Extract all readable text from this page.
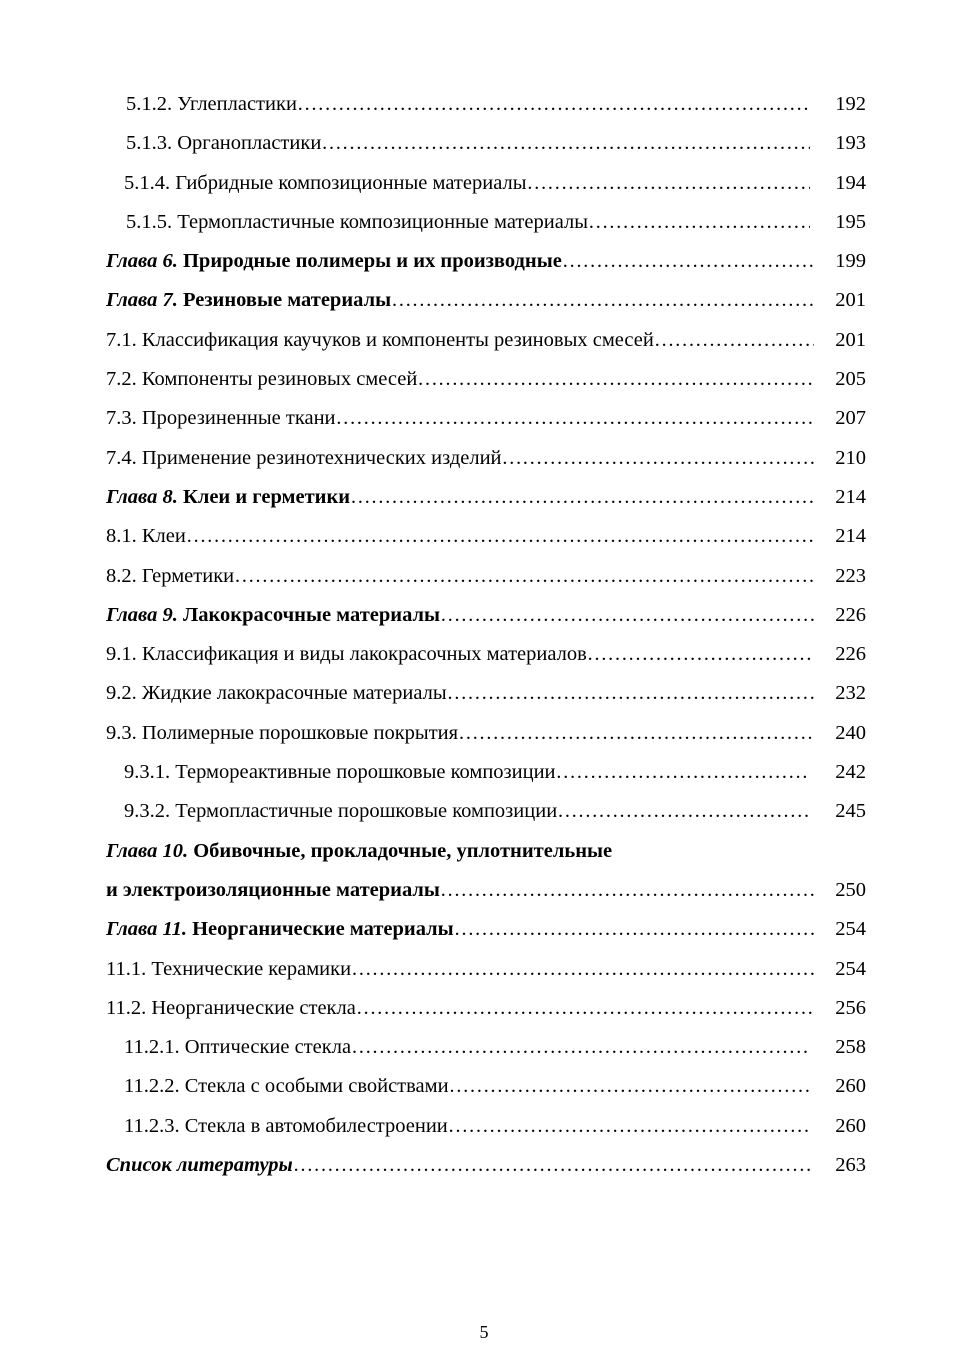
5.1.2. Углепластики ………………………………………………………………………………………………………………………………………………	192
5.1.3. Органопластики ………………………………………………………………………………………………………………………………………………	193
5.1.4. Гибридные композиционные материалы ………………………………………………………………………………………………………………………………………………	194
5.1.5. Термопластичные композиционные материалы ………………………………………………………………………………………………………………………………………………	195
Глава 6. Природные полимеры и их производные ………………………………………………………………………………………………………………………………………………	199
Глава 7. Резиновые материалы ………………………………………………………………………………………………………………………………………………	201
7.1. Классификация каучуков и компоненты резиновых смесей ………………………………………………………………………………………………………………………………………………	201
7.2. Компоненты резиновых смесей ………………………………………………………………………………………………………………………………………………	205
7.3. Прорезиненные ткани ………………………………………………………………………………………………………………………………………………	207
7.4. Применение резинотехнических изделий ………………………………………………………………………………………………………………………………………………	210
Глава 8. Клеи и герметики ………………………………………………………………………………………………………………………………………………	214
8.1. Клеи ………………………………………………………………………………………………………………………………………………	214
8.2. Герметики ………………………………………………………………………………………………………………………………………………	223
Глава 9. Лакокрасочные материалы ………………………………………………………………………………………………………………………………………………	226
9.1. Классификация и виды лакокрасочных материалов ………………………………………………………………………………………………………………………………………………	226
9.2. Жидкие лакокрасочные материалы ………………………………………………………………………………………………………………………………………………	232
9.3. Полимерные порошковые покрытия ………………………………………………………………………………………………………………………………………………	240
9.3.1. Термореактивные порошковые композиции ………………………………………………………………………………………………………………………………………………	242
9.3.2. Термопластичные порошковые композиции ………………………………………………………………………………………………………………………………………………	245
Глава 10. Обивочные, прокладочные, уплотнительные
и электроизоляционные материалы ………………………………………………………………………………………………………………………………………………	250
Глава 11. Неорганические материалы ………………………………………………………………………………………………………………………………………………	254
11.1. Технические керамики ………………………………………………………………………………………………………………………………………………	254
11.2. Неорганические стекла ………………………………………………………………………………………………………………………………………………	256
11.2.1. Оптические стекла ………………………………………………………………………………………………………………………………………………	258
11.2.2. Стекла с особыми свойствами ………………………………………………………………………………………………………………………………………………	260
11.2.3. Стекла в автомобилестроении ………………………………………………………………………………………………………………………………………………	260
Список литературы ………………………………………………………………………………………………………………………………………………	263
5
